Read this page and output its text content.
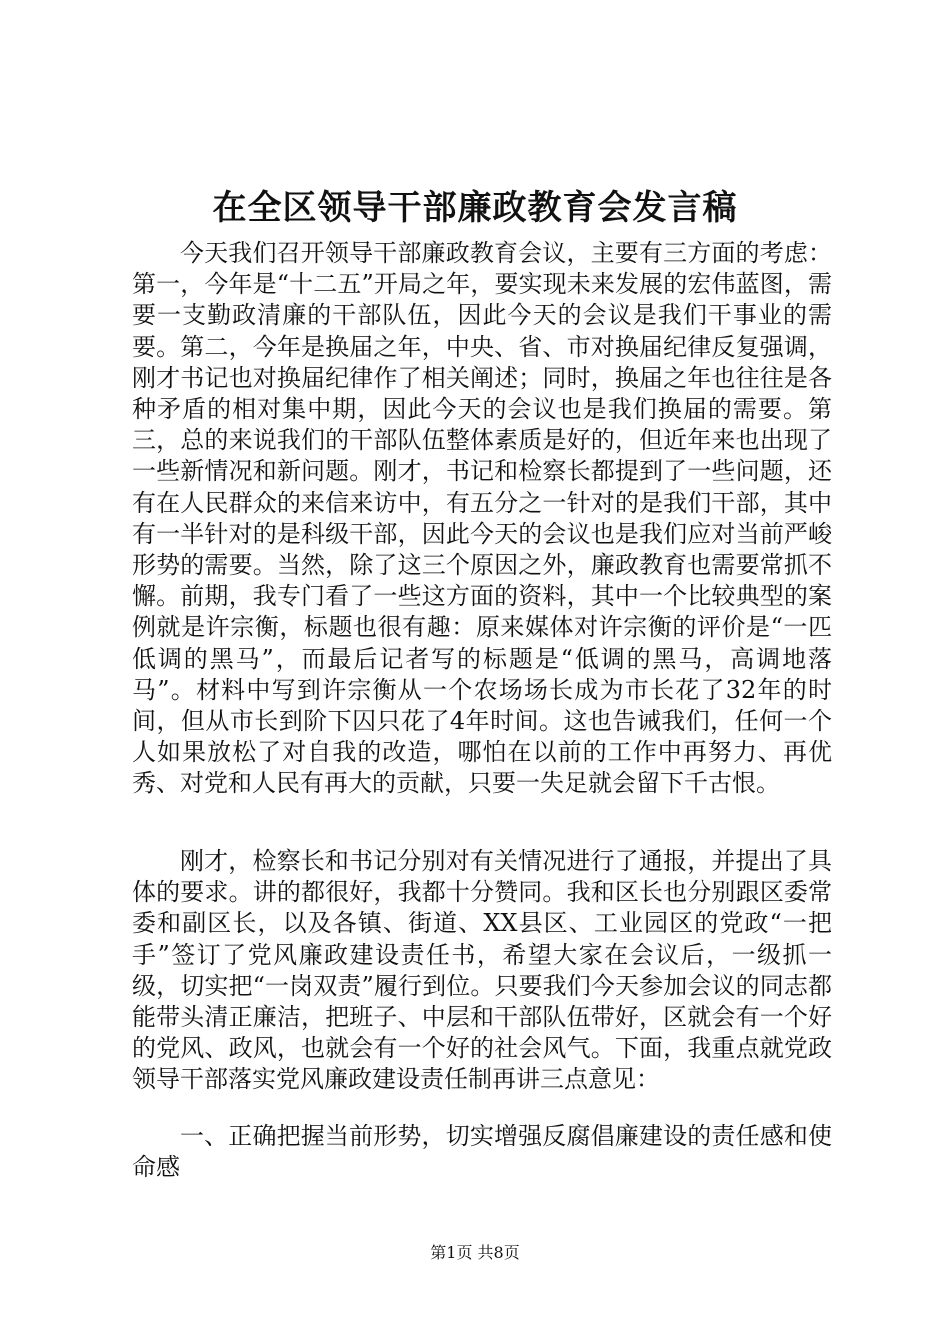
在全区领导干部廉政教育会发言稿

今天我们召开领导干部廉政教育会议，主要有三方面的考虑：第一，今年是“十二五”开局之年，要实现未来发展的宏伟蓝图，需要一支勤政清廉的干部队伍，因此今天的会议是我们干事业的需要。第二，今年是换届之年，中央、省、市对换届纪律反复强调，刚才书记也对换届纪律作了相关阐述；同时，换届之年也往往是各种矛盾的相对集中期，因此今天的会议也是我们换届的需要。第三，总的来说我们的干部队伍整体素质是好的，但近年来也出现了一些新情况和新问题。刚才，书记和检察长都提到了一些问题，还有在人民群众的来信来访中，有五分之一针对的是我们干部，其中有一半针对的是科级干部，因此今天的会议也是我们应对当前严峻形势的需要。当然，除了这三个原因之外，廉政教育也需要常抓不懈。前期，我专门看了一些这方面的资料，其中一个比较典型的案例就是许宗衡，标题也很有趣：原来媒体对许宗衡的评价是“一匹低调的黑马”，而最后记者写的标题是“低调的黑马，高调地落马”。材料中写到许宗衡从一个农场场长成为市长花了32年的时间，但从市长到阶下囚只花了4年时间。这也告诫我们，任何一个人如果放松了对自我的改造，哪怕在以前的工作中再努力、再优秀、对党和人民有再大的贡献，只要一失足就会留下千古恨。

刚才，检察长和书记分别对有关情况进行了通报，并提出了具体的要求。讲的都很好，我都十分赞同。我和区长也分别跟区委常委和副区长，以及各镇、街道、XX县区、工业园区的党政“一把手”签订了党风廉政建设责任书，希望大家在会议后，一级抓一级，切实把“一岗双责”履行到位。只要我们今天参加会议的同志都能带头清正廉洁，把班子、中层和干部队伍带好，区就会有一个好的党风、政风，也就会有一个好的社会风气。下面，我重点就党政领导干部落实党风廉政建设责任制再讲三点意见：

一、正确把握当前形势，切实增强反腐倡廉建设的责任感和使命感

第1页 共8页
